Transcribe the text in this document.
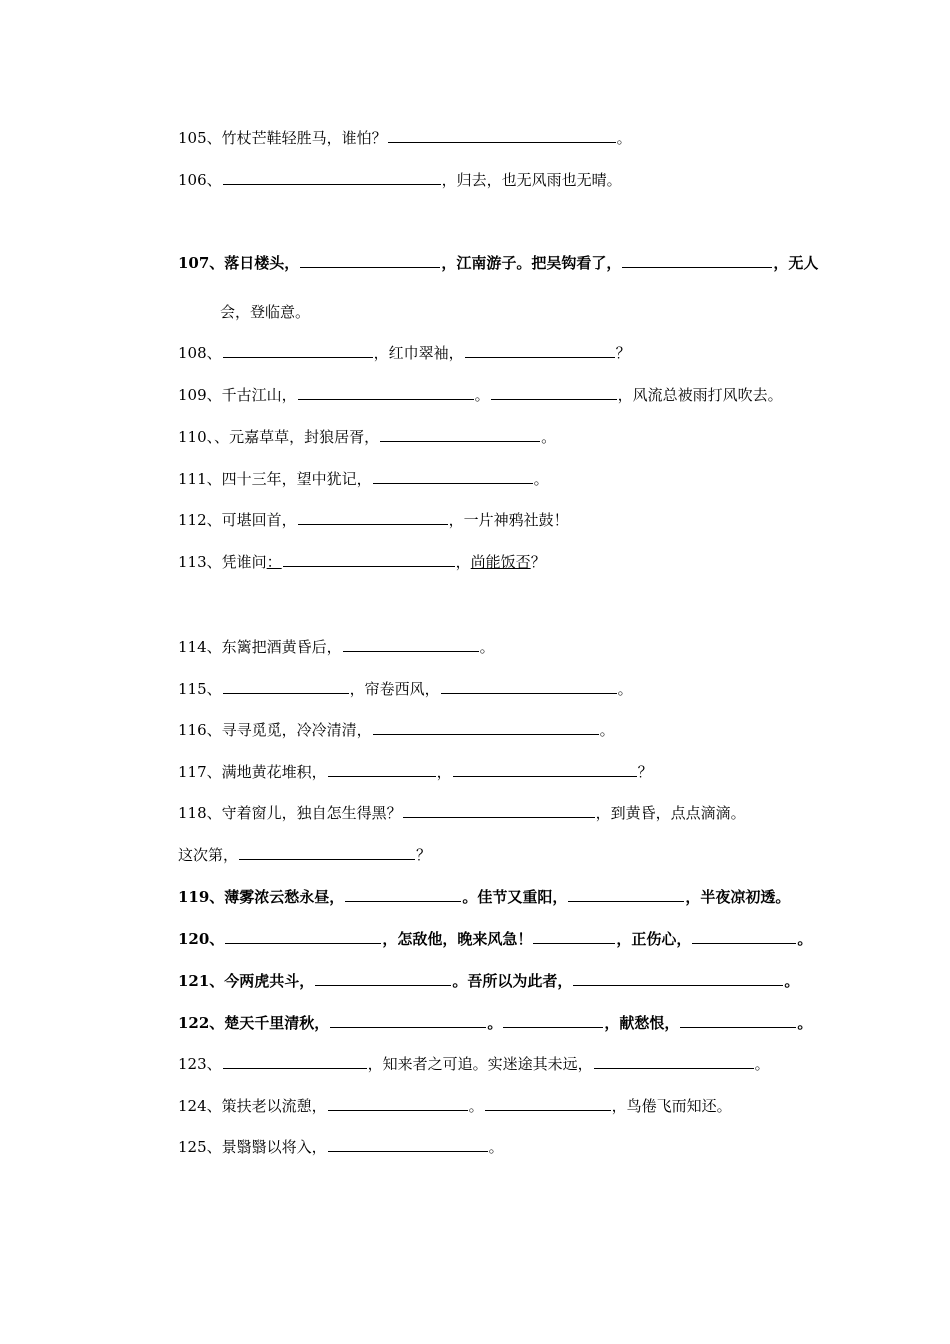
105、竹杖芒鞋轻胜马，谁怕？	。
106、	，归去，也无风雨也无晴。
107、落日楼头，	，江南游子。把吴钩看了，	，无人
会，登临意。
108、	，红巾翠袖，	？
109、千古江山，	。	，风流总被雨打风吹去。
110、、元嘉草草，封狼居胥，	。
111、四十三年，望中犹记，	。
112、可堪回首，	，一片神鸦社鼓！
113、凭谁问：	，尚能饭否？
114、东篱把酒黄昏后，	。
115、	，帘卷西风，	。
116、寻寻觅觅，冷冷清清，	。
117、满地黄花堆积，	，	？
118、守着窗儿，独自怎生得黑？	，到黄昏，点点滴滴。
这次第，	？
119、薄雾浓云愁永昼，	。佳节又重阳，	，半夜凉初透。
120、	，怎敌他，晚来风急！	，正伤心，	。
121、今两虎共斗，	。吾所以为此者，	。
122、楚天千里清秋，	。	，献愁恨，	。
123、	，知来者之可追。实迷途其未远，	。
124、策扶老以流憩，	。	，鸟倦飞而知还。
125、景翳翳以将入，	。
